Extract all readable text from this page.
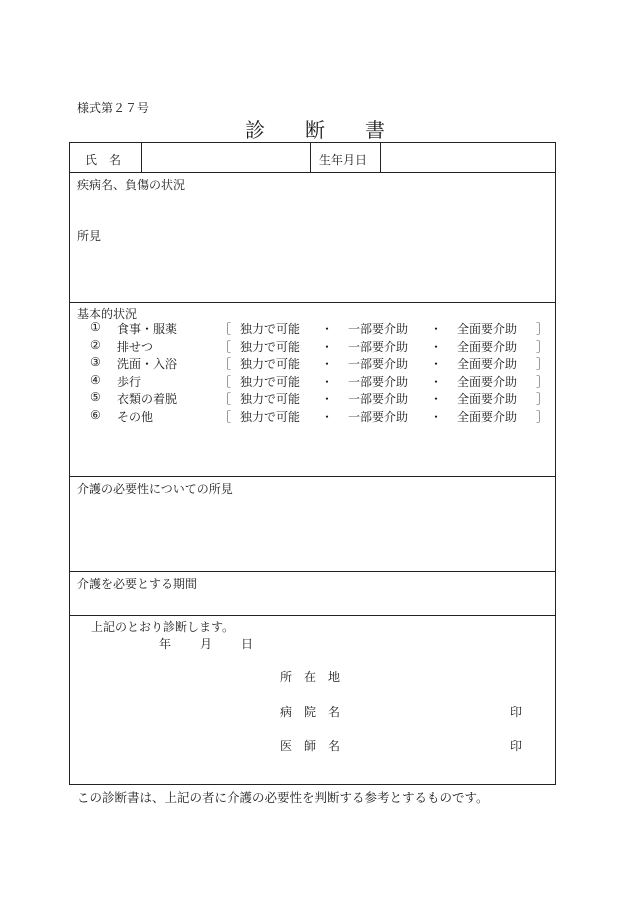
様式第２７号
診 断 書
氏　名	生年月日
疾病名、負傷の状況
所見
基本的状況
① 食事・服薬	［ 独力で可能 ・ 一部要介助 ・ 全面要介助 ］
② 排せつ	［ 独力で可能 ・ 一部要介助 ・ 全面要介助 ］
③ 洗面・入浴	［ 独力で可能 ・ 一部要介助 ・ 全面要介助 ］
④ 歩行	［ 独力で可能 ・ 一部要介助 ・ 全面要介助 ］
⑤ 衣類の着脱	［ 独力で可能 ・ 一部要介助 ・ 全面要介助 ］
⑥ その他	［ 独力で可能 ・ 一部要介助 ・ 全面要介助 ］
介護の必要性についての所見
介護を必要とする期間
上記のとおり診断します。
年 月 日
所　在　地
病　院　名	印
医　師　名	印
この診断書は、上記の者に介護の必要性を判断する参考とするものです。
